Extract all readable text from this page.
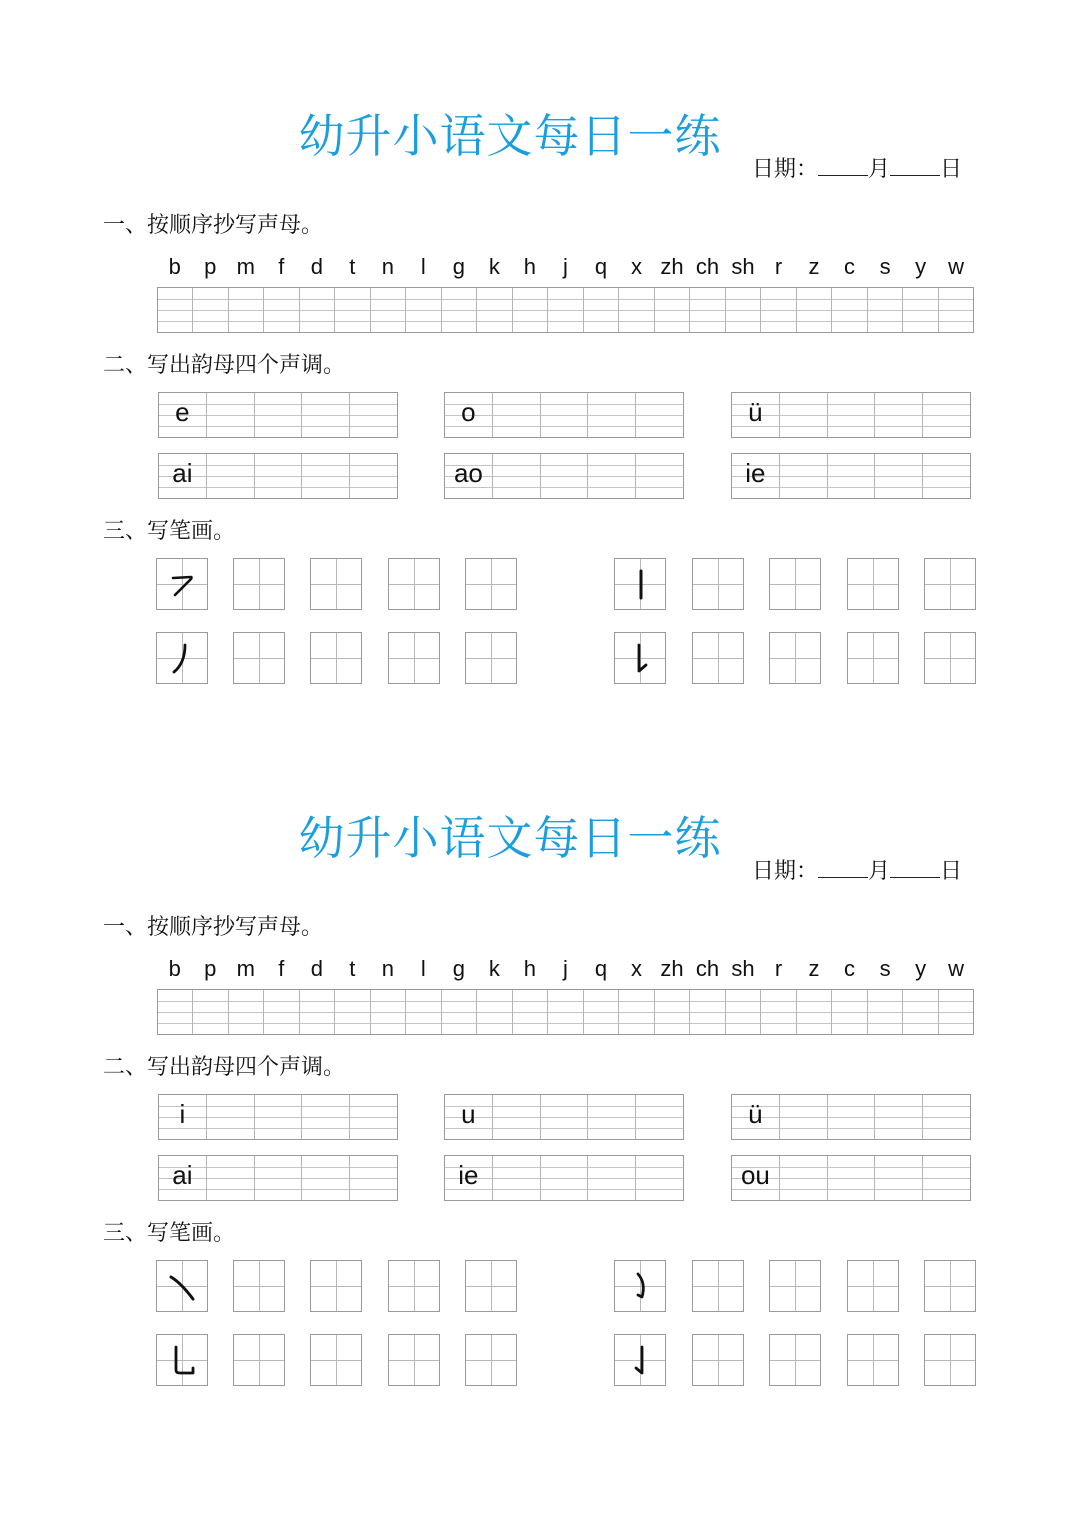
幼升小语文每日一练
日期： 月 日
一、按顺序抄写声母。
b	p m	f	d	t	n	l	g	k	h	j	q	x zh ch sh r	z	c	s	y	w
二、写出韵母四个声调。
e	o	ü
ai	ao	ie
三、写笔画。
幼升小语文每日一练
日期： 月 日
一、按顺序抄写声母。
b	p m	f	d	t	n	l	g	k	h	j	q	x zh ch sh r	z	c	s	y	w
二、写出韵母四个声调。
i	u	ü
ai	ie	ou
三、写笔画。
